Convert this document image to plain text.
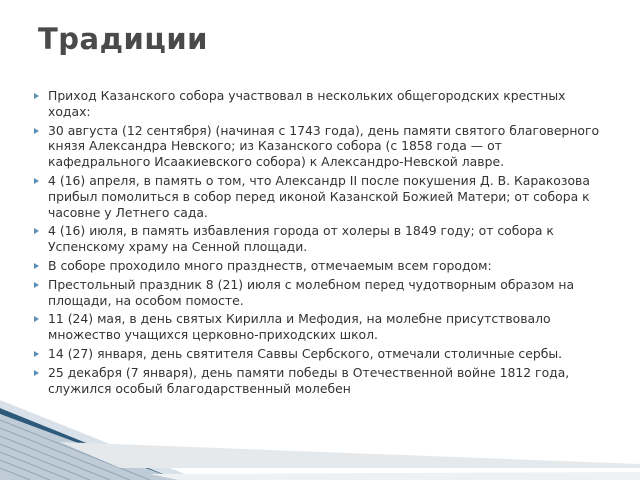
Традиции
Приход Казанского собора участвовал в нескольких общегородских крестных ходах:
30 августа (12 сентября) (начиная с 1743 года), день памяти святого благоверного князя Александра Невского; из Казанского собора (с 1858 года — от кафедрального Исаакиевского собора) к Александро-Невской лавре.
4 (16) апреля, в память о том, что Александр II после покушения Д. В. Каракозова прибыл помолиться в собор перед иконой Казанской Божией Матери; от собора к часовне у Летнего сада.
4 (16) июля, в память избавления города от холеры в 1849 году; от собора к Успенскому храму на Сенной площади.
В соборе проходило много празднеств, отмечаемым всем городом:
Престольный праздник 8 (21) июля с молебном перед чудотворным образом на площади, на особом помосте.
11 (24) мая, в день святых Кирилла и Мефодия, на молебне присутствовало множество учащихся церковно-приходских школ.
14 (27) января, день святителя Саввы Сербского, отмечали столичные сербы.
25 декабря (7 января), день памяти победы в Отечественной войне 1812 года, служился особый благодарственный молебен
